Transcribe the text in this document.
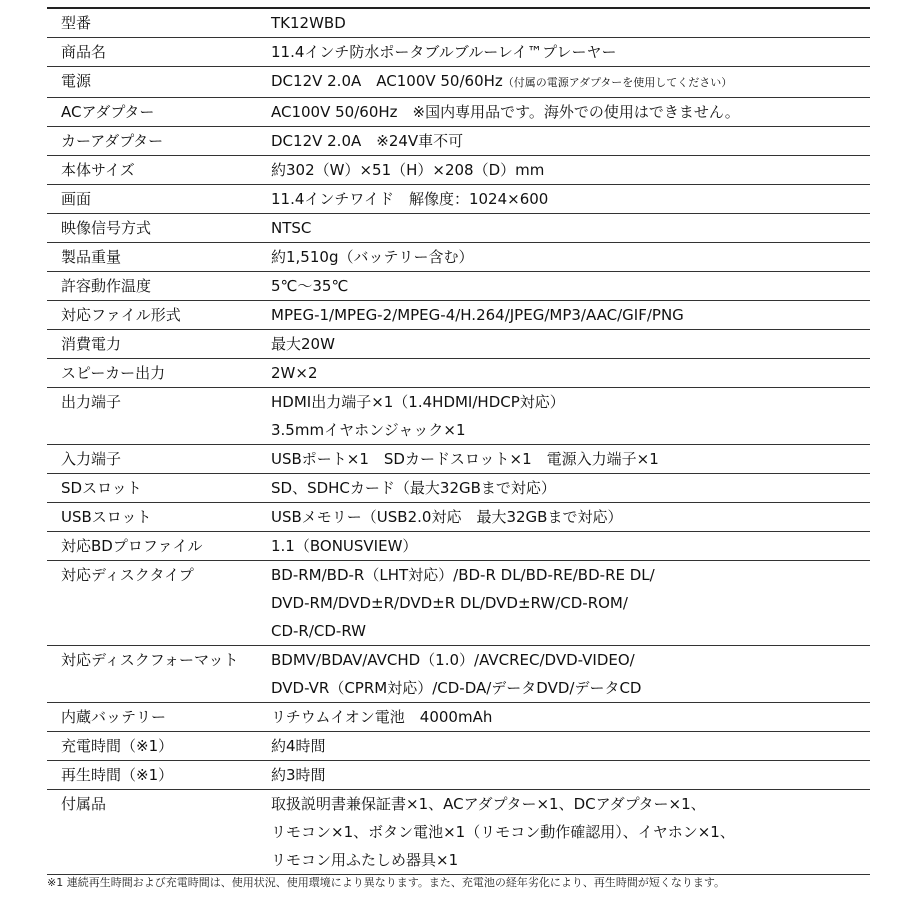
型番	TK12WBD

商品名	11.4インチ防水ポータブルブルーレイ™プレーヤー

電源	DC12V 2.0A　AC100V 50/60Hz（付属の電源アダプターを使用してください）

ACアダプター	AC100V 50/60Hz　※国内専用品です。海外での使用はできません。

カーアダプター	DC12V 2.0A　※24V車不可

本体サイズ	約302（W）×51（H）×208（D）mm

画面	11.4インチワイド　解像度：1024×600

映像信号方式	NTSC

製品重量	約1,510g（バッテリー含む）

許容動作温度	5℃～35℃

対応ファイル形式	MPEG-1/MPEG-2/MPEG-4/H.264/JPEG/MP3/AAC/GIF/PNG

消費電力	最大20W

スピーカー出力	2W×2

出力端子	HDMI出力端子×1（1.4HDMI/HDCP対応）
3.5mmイヤホンジャック×1

入力端子	USBポート×1　SDカードスロット×1　電源入力端子×1

SDスロット	SD、SDHCカード（最大32GBまで対応）

USBスロット	USBメモリー（USB2.0対応　最大32GBまで対応）

対応BDプロファイル	1.1（BONUSVIEW）

対応ディスクタイプ	BD-RM/BD-R（LHT対応）/BD-R DL/BD-RE/BD-RE DL/
DVD-RM/DVD±R/DVD±R DL/DVD±RW/CD-ROM/
CD-R/CD-RW

対応ディスクフォーマット	BDMV/BDAV/AVCHD（1.0）/AVCREC/DVD-VIDEO/
DVD-VR（CPRM対応）/CD-DA/データDVD/データCD

内蔵バッテリー	リチウムイオン電池　4000mAh

充電時間（※1）	約4時間

再生時間（※1）	約3時間

付属品	取扱説明書兼保証書×1、ACアダプター×1、DCアダプター×1、
リモコン×1、ボタン電池×1（リモコン動作確認用）、イヤホン×1、
リモコン用ふたしめ器具×1
※1 連続再生時間および充電時間は、使用状況、使用環境により異なります。また、充電池の経年劣化により、再生時間が短くなります。
